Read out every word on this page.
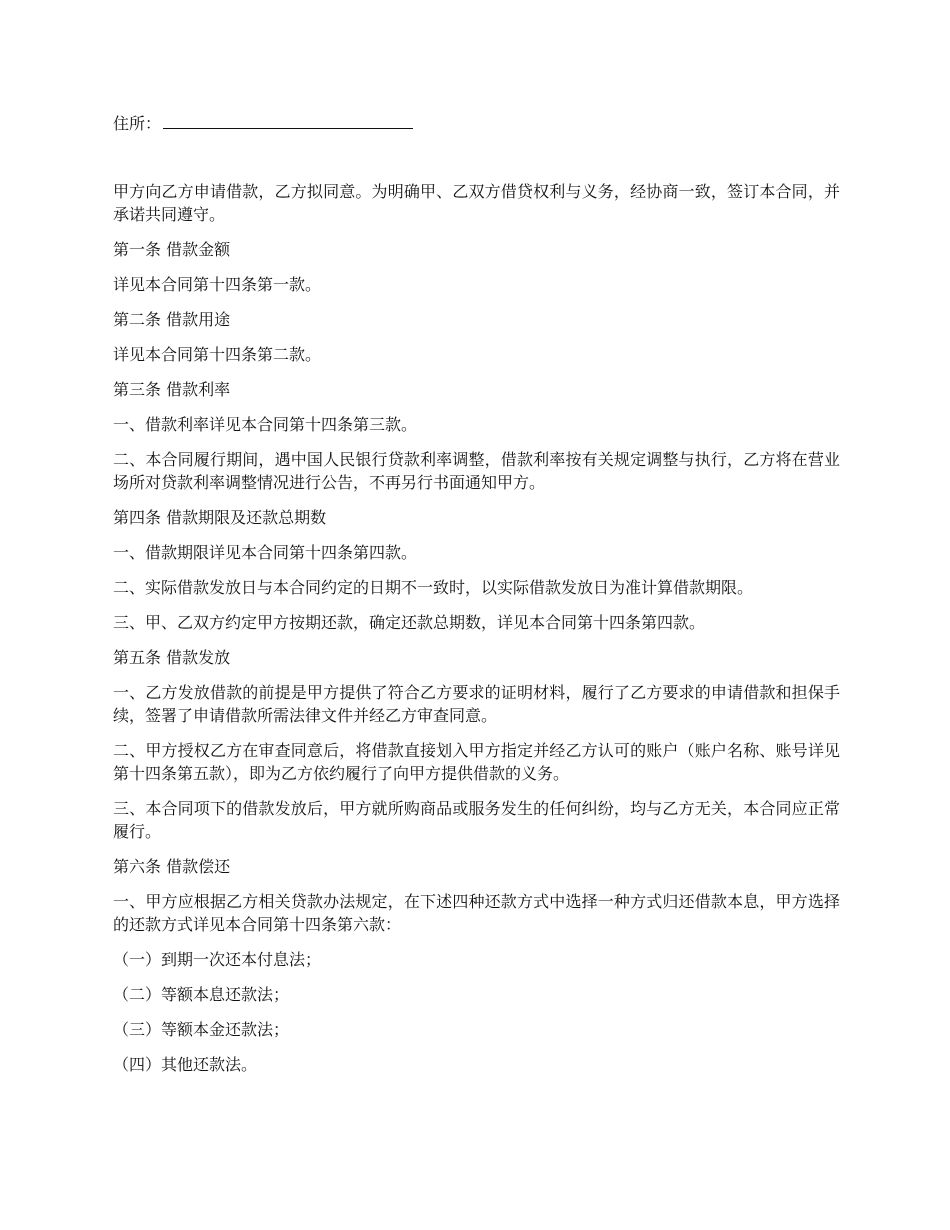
住所：

甲方向乙方申请借款，乙方拟同意。为明确甲、乙双方借贷权利与义务，经协商一致，签订本合同，并承诺共同遵守。

第一条 借款金额

详见本合同第十四条第一款。

第二条 借款用途

详见本合同第十四条第二款。

第三条 借款利率

一、借款利率详见本合同第十四条第三款。

二、本合同履行期间，遇中国人民银行贷款利率调整，借款利率按有关规定调整与执行，乙方将在营业场所对贷款利率调整情况进行公告，不再另行书面通知甲方。

第四条 借款期限及还款总期数

一、借款期限详见本合同第十四条第四款。

二、实际借款发放日与本合同约定的日期不一致时，以实际借款发放日为准计算借款期限。

三、甲、乙双方约定甲方按期还款，确定还款总期数，详见本合同第十四条第四款。

第五条 借款发放

一、乙方发放借款的前提是甲方提供了符合乙方要求的证明材料，履行了乙方要求的申请借款和担保手续，签署了申请借款所需法律文件并经乙方审查同意。

二、甲方授权乙方在审查同意后，将借款直接划入甲方指定并经乙方认可的账户（账户名称、账号详见第十四条第五款），即为乙方依约履行了向甲方提供借款的义务。

三、本合同项下的借款发放后，甲方就所购商品或服务发生的任何纠纷，均与乙方无关，本合同应正常履行。

第六条 借款偿还

一、甲方应根据乙方相关贷款办法规定，在下述四种还款方式中选择一种方式归还借款本息，甲方选择的还款方式详见本合同第十四条第六款：

（一）到期一次还本付息法；

（二）等额本息还款法；

（三）等额本金还款法；

（四）其他还款法。
